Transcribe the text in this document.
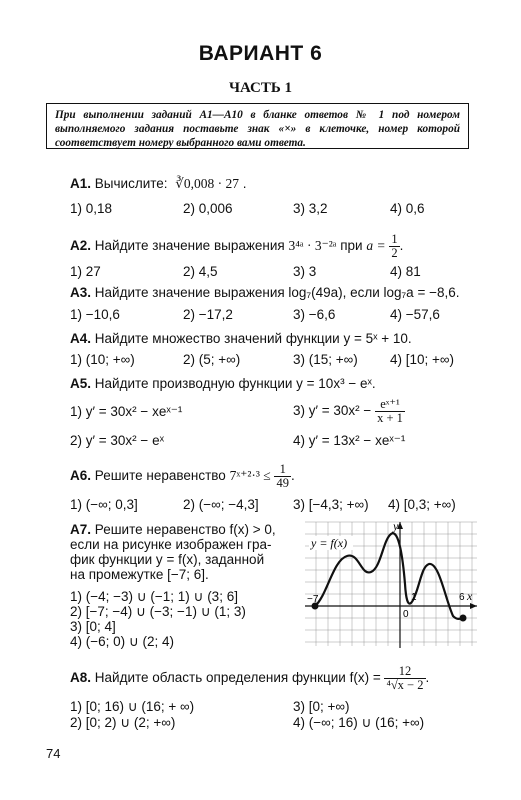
ВАРИАНТ 6
ЧАСТЬ 1
При выполнении заданий А1—А10 в бланке ответов № 1 под номером выполняемого задания поставьте знак «×» в клеточке, номер которой соответствует номеру выбранного вами ответа.
А1. Вычислите: ∛0,008 · 27 .
1) 0,18	2) 0,006	3) 3,2	4) 0,6
А2. Найдите значение выражения 3⁴ᵃ · 3⁻²ᵃ при $a = \frac{1}{2}$ .
1) 27	2) 4,5	3) 3	4) 81
А3. Найдите значение выражения log₇(49a), если log₇a = −8,6.
1) −10,6	2) −17,2	3) −6,6	4) −57,6
А4. Найдите множество значений функции y = 5ˣ + 10.
1) (10; +∞)	2) (5; +∞)	3) (15; +∞) 4) [10; +∞)
А5. Найдите производную функции y = 10x³ − eˣ.
1) y′ = 30x² − xeˣ⁻¹	3) $y' = 30x^2 - \frac{\text{eˣ⁺¹}}{x + 1}$
2) y′ = 30x² − eˣ	4) y′ = 13x² − xeˣ⁻¹
А6. Решите неравенство 7ˣ⁺²·³ ≤ $\frac{1}{49}$ .
1) (−∞; 0,3]	2) (−∞; −4,3]	3) [−4,3; +∞) 4) [0,3; +∞)
А7. Решите неравенство f(x) > 0,
если на рисунке изображен гра-
фик функции y = f(x), заданной
на промежутке [−7; 6].
1) (−4; −3) ∪ (−1; 1) ∪ (3; 6]
2) [−7; −4) ∪ (−3; −1) ∪ (1; 3)
3) [0; 4]
4) (−6; 0) ∪ (2; 4)
y = f(x)
y
x
−7	6
0
1
А8. Найдите область определения функции $f(x) = \frac{12}{\text{⁴√x − 2}}$ .
1) [0; 16) ∪ (16; + ∞)	3) [0; +∞)
2) [0; 2) ∪ (2; +∞)	4) (−∞; 16) ∪ (16; +∞)
74
